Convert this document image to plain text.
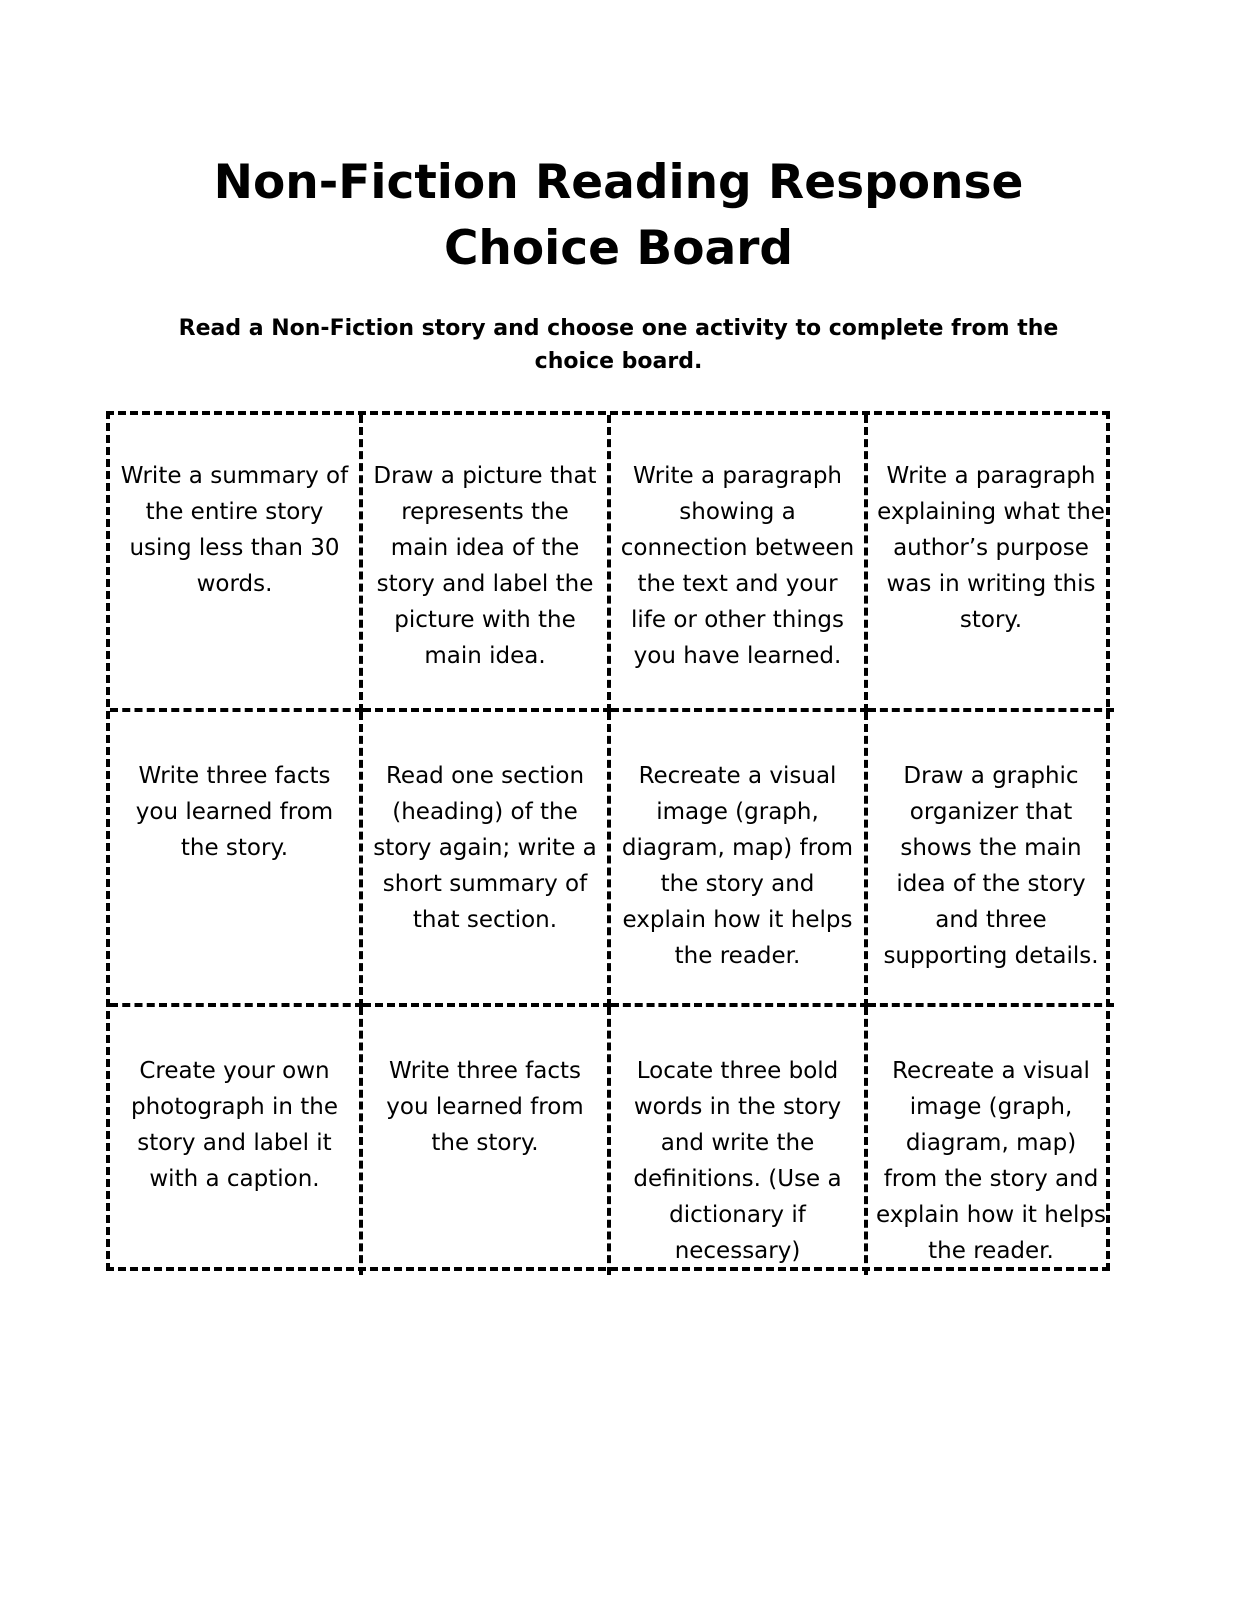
Non-Fiction Reading Response
Choice Board

Read a Non-Fiction story and choose one activity to complete from the choice board.

Write a summary of the entire story using less than 30 words.

Draw a picture that represents the main idea of the story and label the picture with the main idea.

Write a paragraph showing a connection between the text and your life or other things you have learned.

Write a paragraph explaining what the author’s purpose was in writing this story.

Write three facts you learned from the story.

Read one section (heading) of the story again; write a short summary of that section.

Recreate a visual image (graph, diagram, map) from the story and explain how it helps the reader.

Draw a graphic organizer that shows the main idea of the story and three supporting details.

Create your own photograph in the story and label it with a caption.

Write three facts you learned from the story.

Locate three bold words in the story and write the definitions. (Use a dictionary if necessary)

Recreate a visual image (graph, diagram, map) from the story and explain how it helps the reader.
